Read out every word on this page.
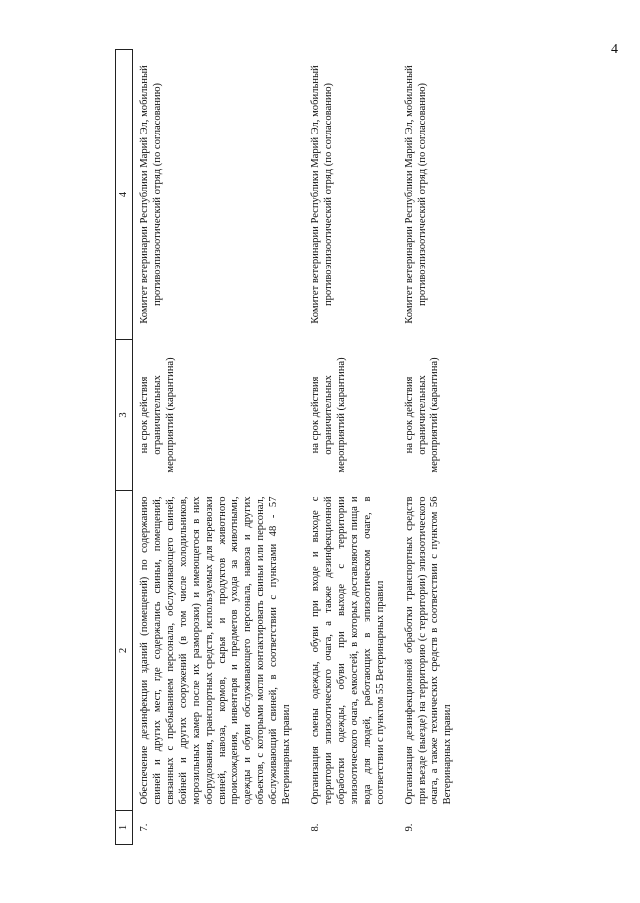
4
1	2	3	4
7.	Обеспечение дезинфекции зданий (помещений) по содержанию свиней и других мест, где содержались свиньи, помещений, связанных с пребыванием персонала, обслуживающего свиней, бойней и других сооружений (в том числе холодильников, морозильных камер после их разморозки) и имеющегося в них оборудования, транспортных средств, используемых для перевозки свиней, навоза, кормов, сырья и продуктов животного происхождения, инвентаря и предметов ухода за животными, одежды и обуви обслуживающего персонала, навоза и других объектов, с которыми могли контактировать свиньи или персонал, обслуживающий свиней, в соответствии с пунктами 48 - 57 Ветеринарных правил	на срок действия ограничительных мероприятий (карантина)	Комитет ветеринарии Республики Марий Эл, мобильный противоэпизоотический отряд (по согласованию)
8.	Организация смены одежды, обуви при входе и выходе с территории эпизоотического очага, а также дезинфекционной обработки одежды, обуви при выходе с территории эпизоотического очага, емкостей, в которых доставляются пища и вода для людей, работающих в эпизоотическом очаге, в соответствии с пунктом 55 Ветеринарных правил	на срок действия ограничительных мероприятий (карантина)	Комитет ветеринарии Республики Марий Эл, мобильный противоэпизоотический отряд (по согласованию)
9.	Организация дезинфекционной обработки транспортных средств при въезде (выезде) на территорию (с территории) эпизоотического очага, а также технических средств в соответствии с пунктом 56 Ветеринарных правил	на срок действия ограничительных мероприятий (карантина)	Комитет ветеринарии Республики Марий Эл, мобильный противоэпизоотический отряд (по согласованию)
